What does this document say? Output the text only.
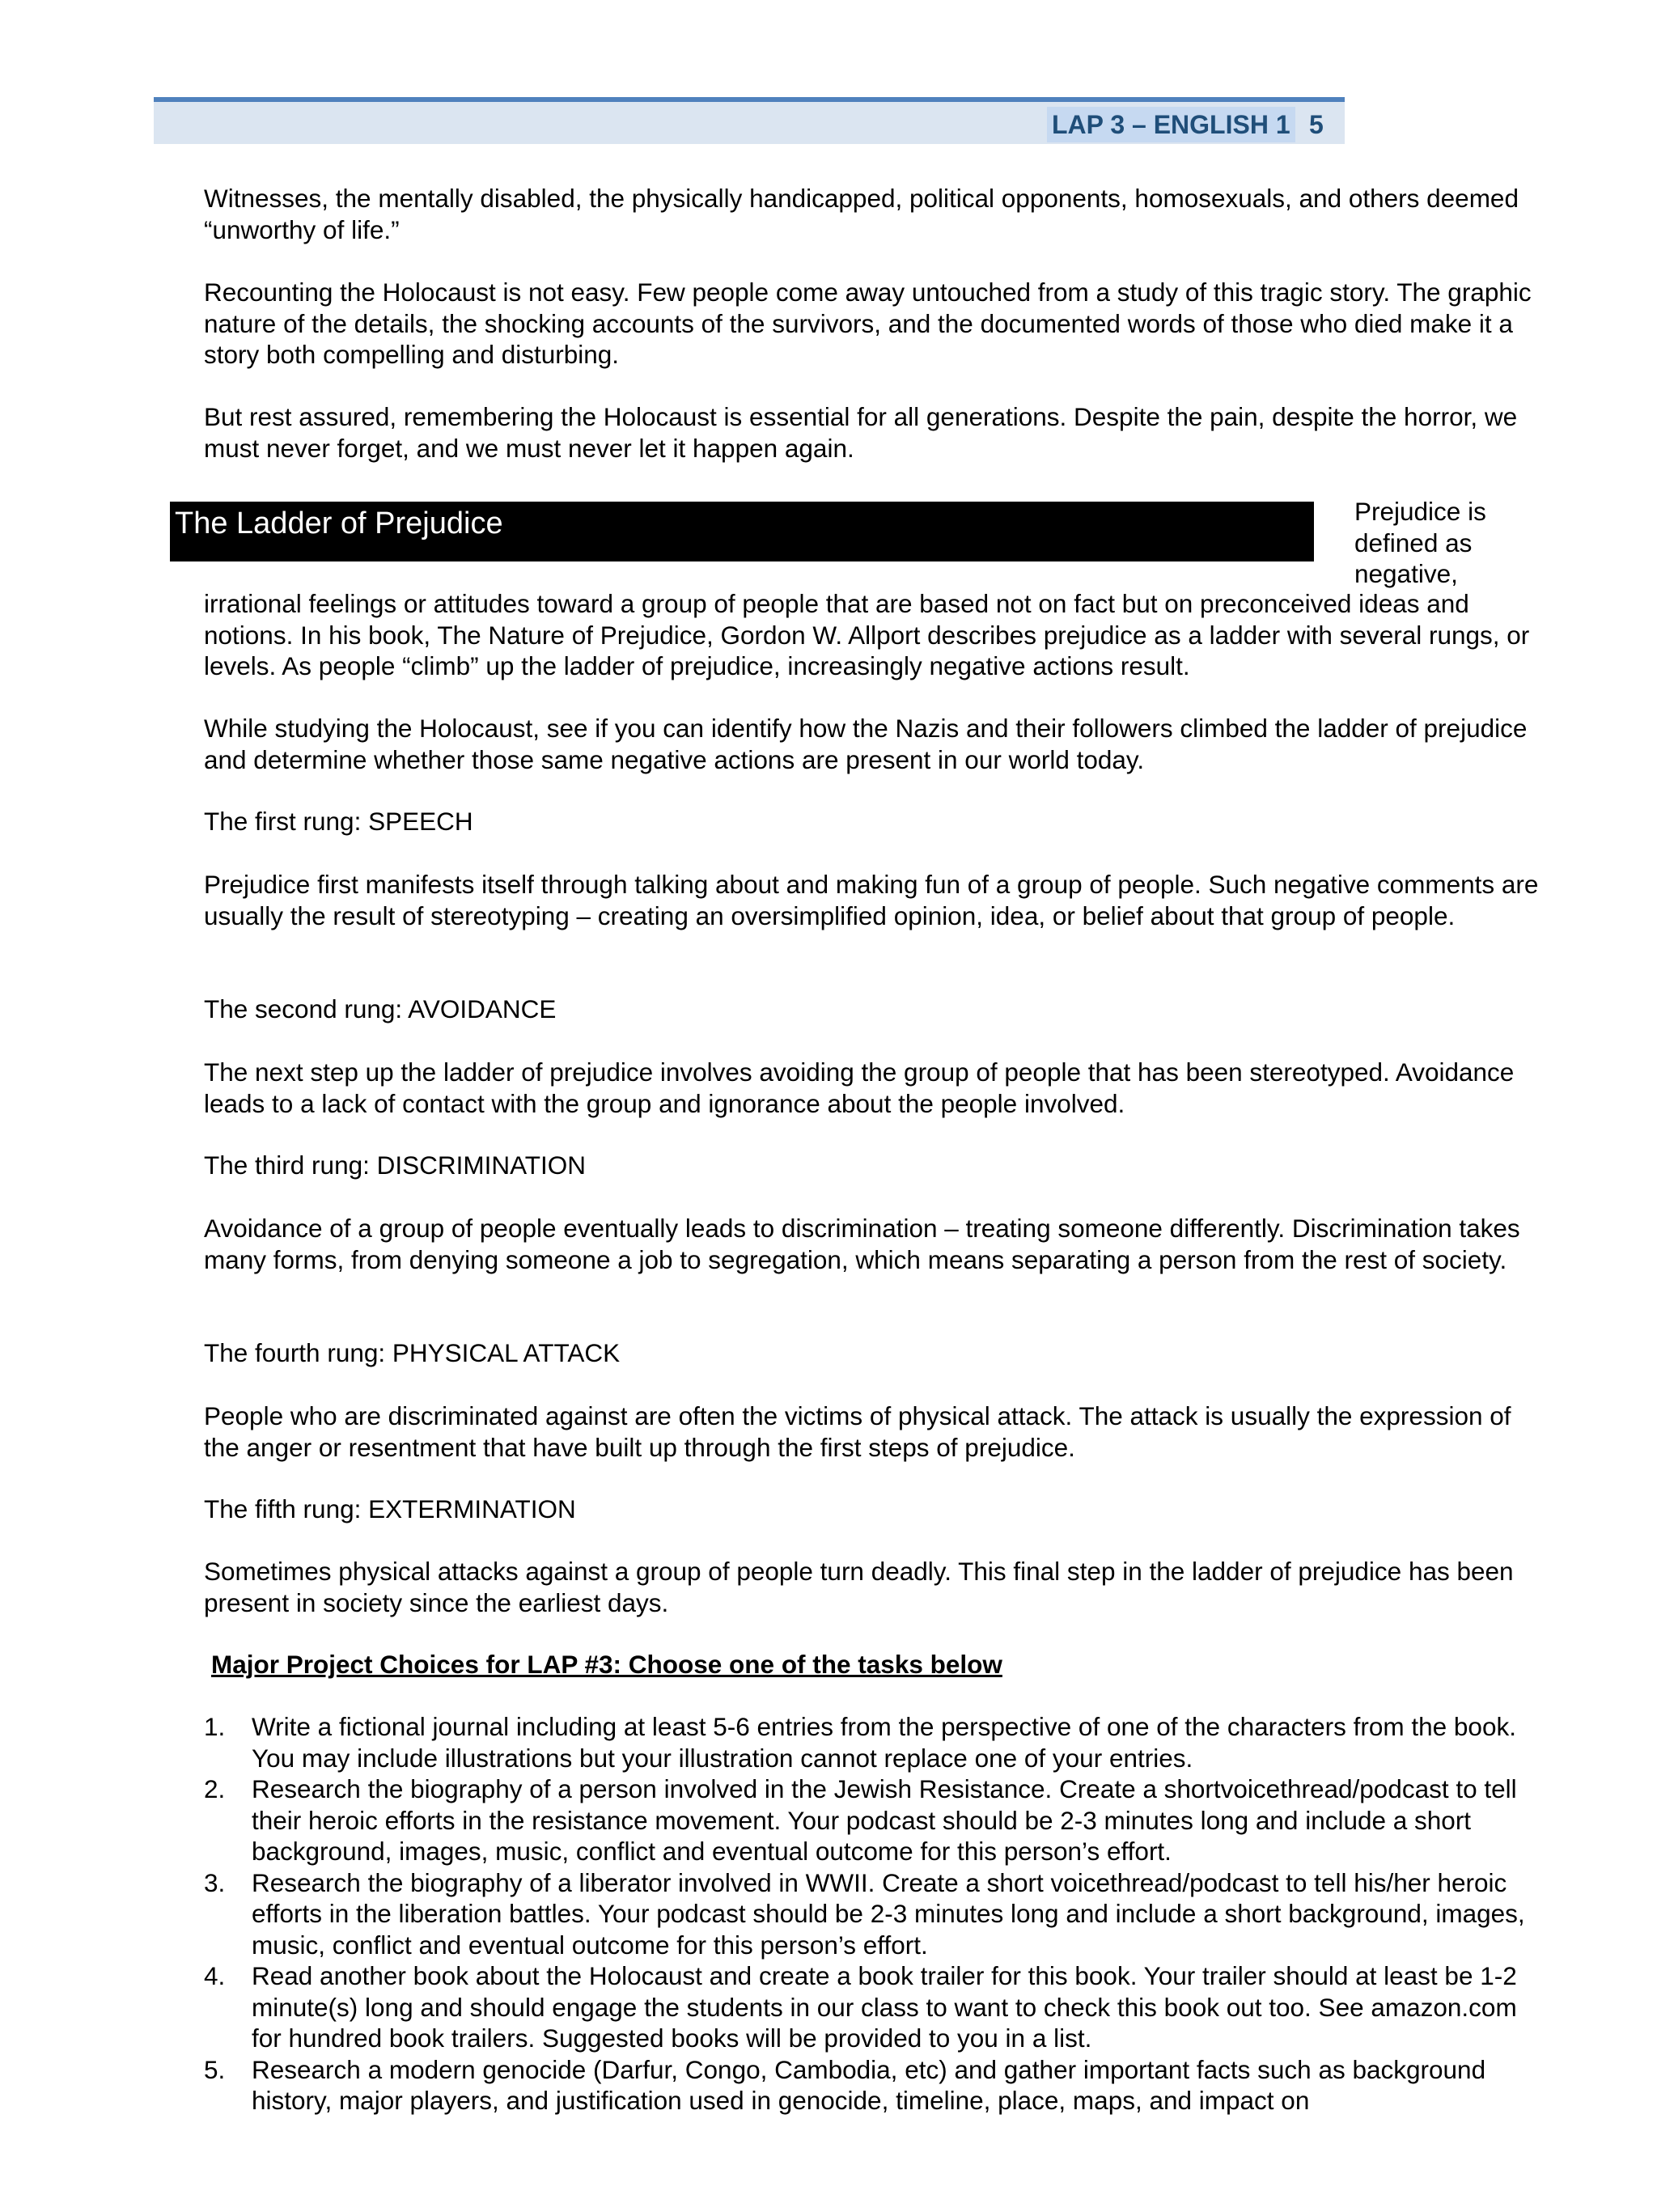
LAP 3 – ENGLISH 1 5

Witnesses, the mentally disabled, the physically handicapped, political opponents, homosexuals, and others deemed “unworthy of life.”

Recounting the Holocaust is not easy. Few people come away untouched from a study of this tragic story. The graphic nature of the details, the shocking accounts of the survivors, and the documented words of those who died make it a story both compelling and disturbing.

But rest assured, remembering the Holocaust is essential for all generations. Despite the pain, despite the horror, we must never forget, and we must never let it happen again.

The Ladder of Prejudice	Prejudice is defined as negative,

irrational feelings or attitudes toward a group of people that are based not on fact but on preconceived ideas and notions. In his book, The Nature of Prejudice, Gordon W. Allport describes prejudice as a ladder with several rungs, or levels. As people “climb” up the ladder of prejudice, increasingly negative actions result.

While studying the Holocaust, see if you can identify how the Nazis and their followers climbed the ladder of prejudice and determine whether those same negative actions are present in our world today.

The first rung: SPEECH

Prejudice first manifests itself through talking about and making fun of a group of people. Such negative comments are usually the result of stereotyping – creating an oversimplified opinion, idea, or belief about that group of people.

The second rung: AVOIDANCE

The next step up the ladder of prejudice involves avoiding the group of people that has been stereotyped. Avoidance leads to a lack of contact with the group and ignorance about the people involved.

The third rung: DISCRIMINATION

Avoidance of a group of people eventually leads to discrimination – treating someone differently. Discrimination takes many forms, from denying someone a job to segregation, which means separating a person from the rest of society.

The fourth rung: PHYSICAL ATTACK

People who are discriminated against are often the victims of physical attack. The attack is usually the expression of the anger or resentment that have built up through the first steps of prejudice.

The fifth rung: EXTERMINATION

Sometimes physical attacks against a group of people turn deadly. This final step in the ladder of prejudice has been present in society since the earliest days.

Major Project Choices for LAP #3: Choose one of the tasks below

1.	Write a fictional journal including at least 5-6 entries from the perspective of one of the characters from the book. You may include illustrations but your illustration cannot replace one of your entries.
2.	Research the biography of a person involved in the Jewish Resistance. Create a shortvoicethread/podcast to tell their heroic efforts in the resistance movement. Your podcast should be 2-3 minutes long and include a short background, images, music, conflict and eventual outcome for this person’s effort.
3.	Research the biography of a liberator involved in WWII. Create a short voicethread/podcast to tell his/her heroic efforts in the liberation battles. Your podcast should be 2-3 minutes long and include a short background, images, music, conflict and eventual outcome for this person’s effort.
4.	Read another book about the Holocaust and create a book trailer for this book. Your trailer should at least be 1-2 minute(s) long and should engage the students in our class to want to check this book out too. See amazon.com for hundred book trailers. Suggested books will be provided to you in a list.
5.	Research a modern genocide (Darfur, Congo, Cambodia, etc) and gather important facts such as background history, major players, and justification used in genocide, timeline, place, maps, and impact on
